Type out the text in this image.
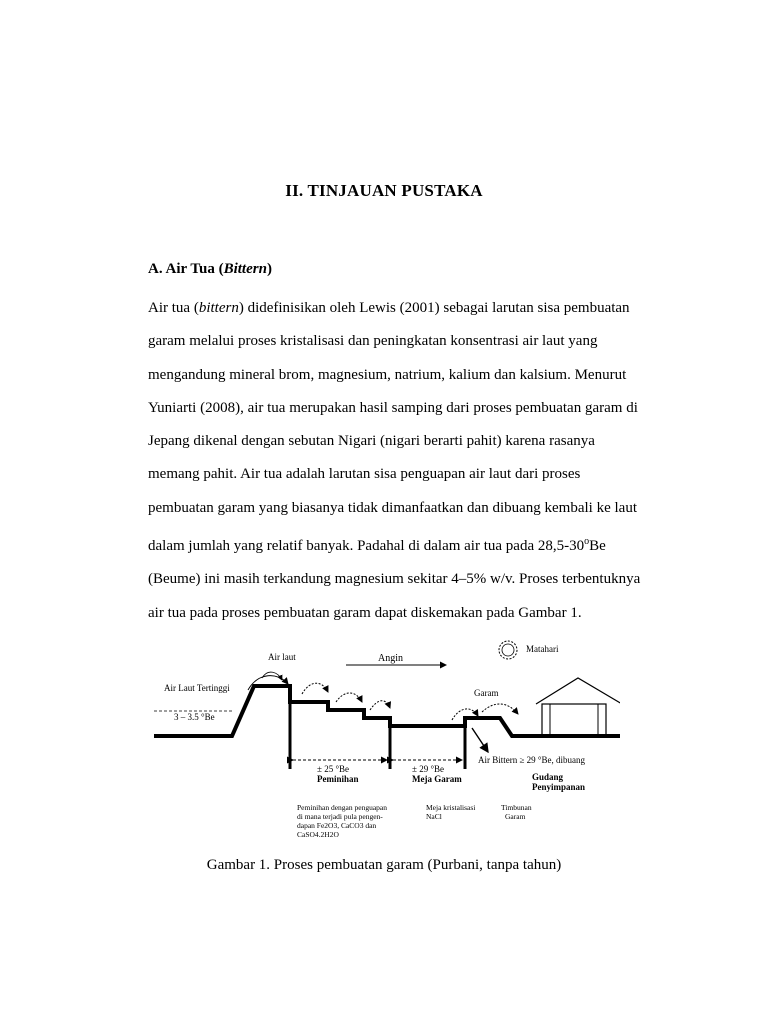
II. TINJAUAN PUSTAKA
A. Air Tua (Bittern)
Air tua (bittern) didefinisikan oleh Lewis (2001) sebagai larutan sisa pembuatan
garam melalui proses kristalisasi dan peningkatan konsentrasi air laut yang
mengandung mineral brom, magnesium, natrium, kalium dan kalsium. Menurut
Yuniarti (2008), air tua merupakan hasil samping dari proses pembuatan garam di
Jepang dikenal dengan sebutan Nigari (nigari berarti pahit) karena rasanya
memang pahit. Air tua adalah larutan sisa penguapan air laut dari proses
pembuatan garam yang biasanya tidak dimanfaatkan dan dibuang kembali ke laut
dalam jumlah yang relatif banyak. Padahal di dalam air tua pada 28,5-30$^o$Be
(Beume) ini masih terkandung magnesium sekitar 4–5% w/v. Proses terbentuknya
air tua pada proses pembuatan garam dapat diskemakan pada Gambar 1.
Air laut	Angin
Matahari
Air Laut Tertinggi
3 – 3.5 °Be
Garam
Air Bittern ≥ 29 °Be, dibuang
± 25 °Be
Peminihan
± 29 °Be
Meja Garam	Gudang
Penyimpanan
Peminihan dengan penguapan
di mana terjadi pula pengen-
dapan Fe2O3, CaCO3 dan
CaSO4.2H2O
Meja kristalisasi
NaCl
Timbunan
Garam
Gambar 1. Proses pembuatan garam (Purbani, tanpa tahun)
